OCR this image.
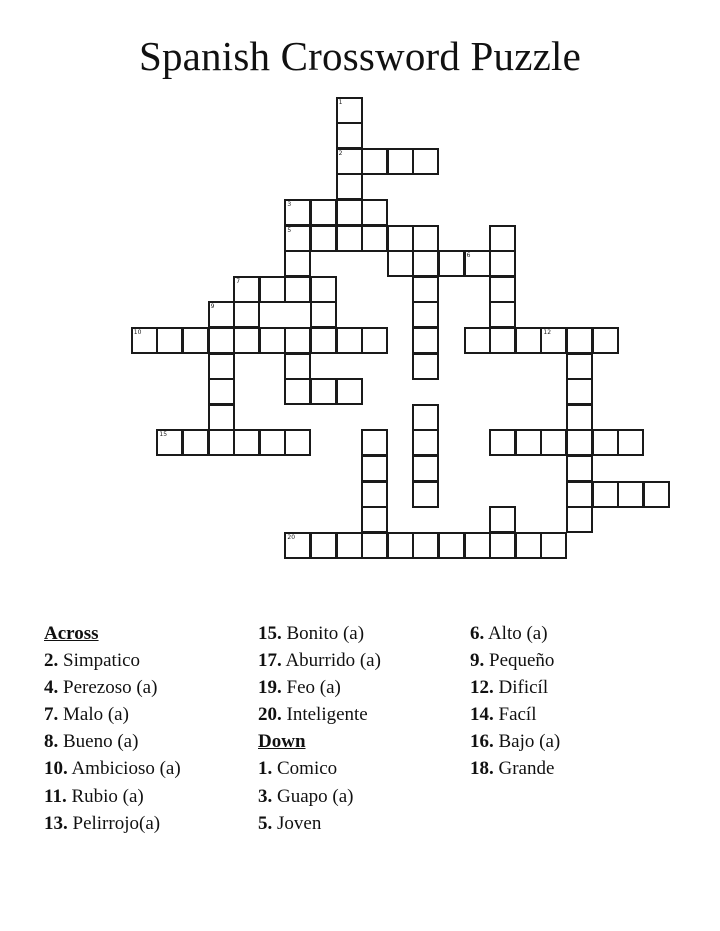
Spanish Crossword Puzzle
1
2
3
5
6
7
9
10	12
15
20
Across
2. Simpatico
4. Perezoso (a)
7. Malo (a)
8. Bueno (a)
10. Ambicioso (a)
11. Rubio (a)
13. Pelirrojo(a)
15. Bonito (a)
17. Aburrido (a)
19. Feo (a)
20. Inteligente
Down
1. Comico
3. Guapo (a)
5. Joven
6. Alto (a)
9. Pequeño
12. Dificíl
14. Facíl
16. Bajo (a)
18. Grande
